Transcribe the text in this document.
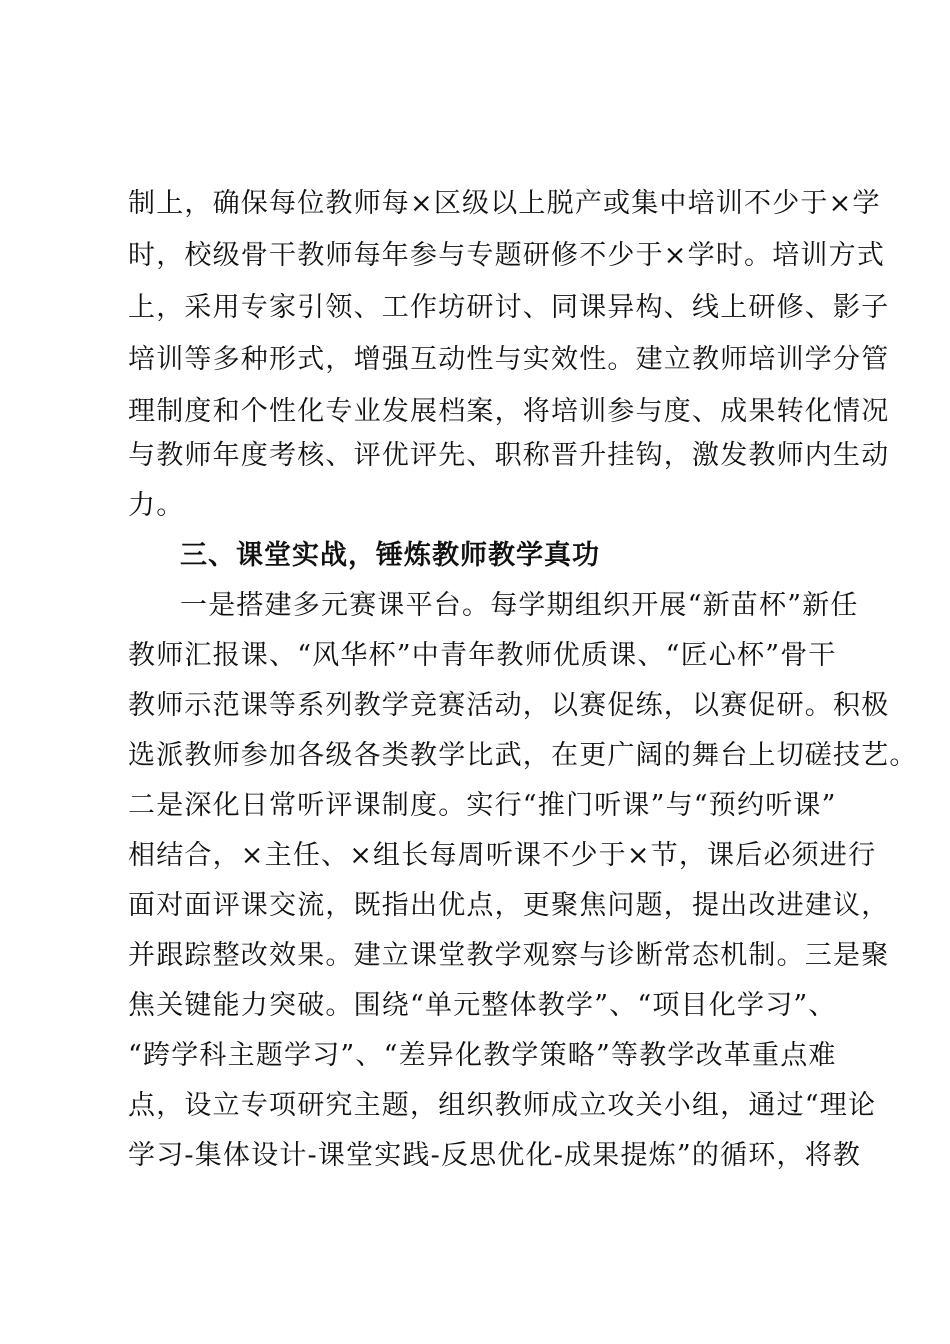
制上，确保每位教师每×区级以上脱产或集中培训不少于×学
时，校级骨干教师每年参与专题研修不少于×学时。培训方式
上，采用专家引领、工作坊研讨、同课异构、线上研修、影子
培训等多种形式，增强互动性与实效性。建立教师培训学分管
理制度和个性化专业发展档案，将培训参与度、成果转化情况
与教师年度考核、评优评先、职称晋升挂钩，激发教师内生动
力。
三、课堂实战，锤炼教师教学真功
一是搭建多元赛课平台。每学期组织开展“新苗杯”新任
教师汇报课、“风华杯”中青年教师优质课、“匠心杯”骨干
教师示范课等系列教学竞赛活动，以赛促练，以赛促研。积极
选派教师参加各级各类教学比武，在更广阔的舞台上切磋技艺。
二是深化日常听评课制度。实行“推门听课”与“预约听课”
相结合，×主任、×组长每周听课不少于×节，课后必须进行
面对面评课交流，既指出优点，更聚焦问题，提出改进建议，
并跟踪整改效果。建立课堂教学观察与诊断常态机制。三是聚
焦关键能力突破。围绕“单元整体教学”、“项目化学习”、
“跨学科主题学习”、“差异化教学策略”等教学改革重点难
点，设立专项研究主题，组织教师成立攻关小组，通过“理论
学习-集体设计-课堂实践-反思优化-成果提炼”的循环，将教
